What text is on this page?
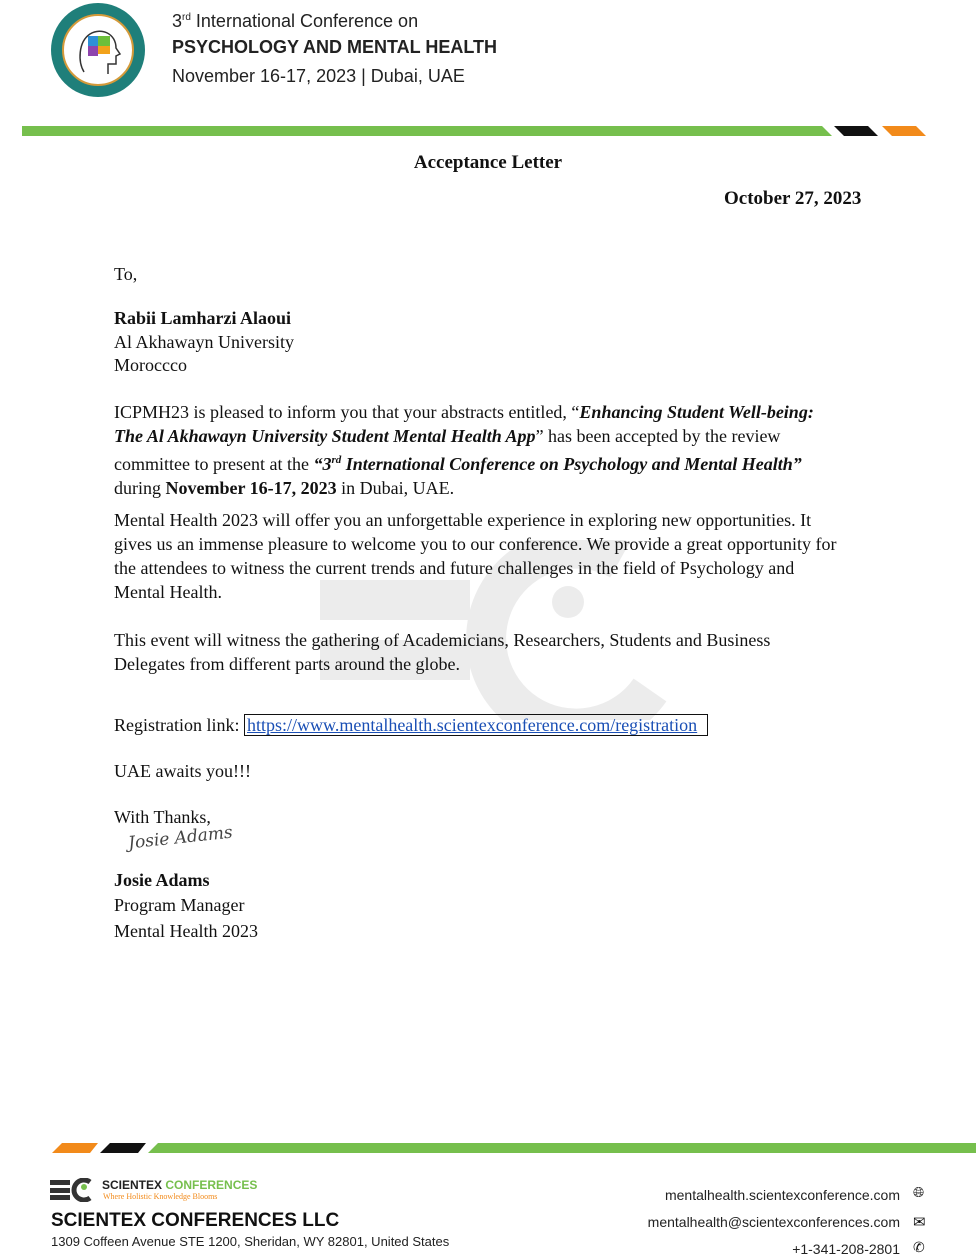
3rd International Conference on
PSYCHOLOGY AND MENTAL HEALTH
November 16-17, 2023 | Dubai, UAE
Acceptance Letter
October 27, 2023
To,
Rabii Lamharzi Alaoui
Al Akhawayn University
Moroccco
ICPMH23 is pleased to inform you that your abstracts entitled, “Enhancing Student Well-being: The Al Akhawayn University Student Mental Health App” has been accepted by the review committee to present at the “3rd International Conference on Psychology and Mental Health” during November 16-17, 2023 in Dubai, UAE.
Mental Health 2023 will offer you an unforgettable experience in exploring new opportunities. It gives us an immense pleasure to welcome you to our conference. We provide a great opportunity for the attendees to witness the current trends and future challenges in the field of Psychology and Mental Health.
This event will witness the gathering of Academicians, Researchers, Students and Business Delegates from different parts around the globe.
Registration link: https://www.mentalhealth.scientexconference.com/registration
UAE awaits you!!!
With Thanks,
Josie Adams
Josie Adams
Program Manager
Mental Health 2023
SCIENTEX CONFERENCES
Where Holistic Knowledge Blooms
SCIENTEX CONFERENCES LLC
1309 Coffeen Avenue STE 1200, Sheridan, WY 82801, United States
mentalhealth.scientexconference.com 🌐︎
mentalhealth@scientexconferences.com ✉︎
+1-341-208-2801 ✆
